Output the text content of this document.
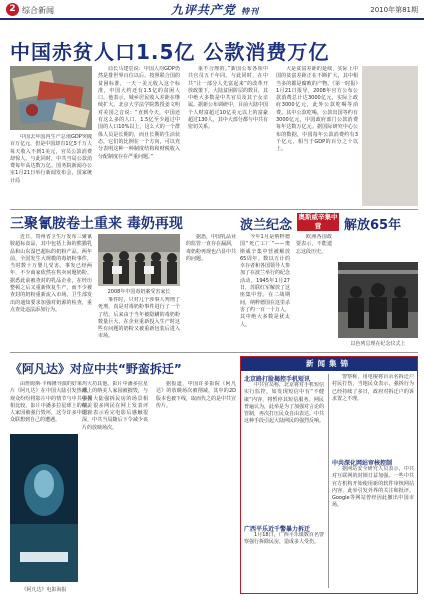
2 综合新闻	九评共产党 特刊	2010年第81期
中国赤贫人口1.5亿 公款消费万亿
中国去年国内生产总值GDP突破百万亿元，但是中国却有1亿5千万人每天收入不到1美元，官员公款消费却惊人。与此同时，中共当局公款消费每年高达数万亿。国务院新闻办公室1月21日举行新闻发布会，国家统计局
局长马建堂说：中国人均GDP仍然是排世界百位以后，按照联合国的贫困标准，一天一美元收入这个标准，中国大约还有1.5亿的贫困人口，他表示，城乡居民收入差距在继续扩大。北京大学法学院教授姜文明对美国之音说：“直到今天，中国还有这么多的人口，1.5亿至少超过中国的人口10%以上，这么大的一个群体人员是长期的，而且长期的生活状态，它们的比例在一个方向，可以充分表明这种一种制度结构和财税收入分配制度存在严重问题。”
重不合理的。”新国公布各项中共官员五千年同。与此同时，在中共“让一部分人先富起来”的改革开放政策下，大陆贫困阶层的数目，其中绝大多数是中共官员及其子女亲属。据新公布调研中，目前大陆中国个人财富超过10亿美元以上的富豪超过130人，其中大部分都与中共有密切关系。
大是贫富差距的延续，实际上中国的贫富差距正在不断扩大，其中相当多的都是腐败的产物。《第一时报》1月21日报导，2008年官方公布公款消费总计达3000亿元，实际上政府3000亿元，此外公款吃喝等消费。其中公款吃喝，公款出国等约有3000亿元，中国政府部门公款消费每年达数万亿元。据国际研究中心公布的数据，中国每年公款消费约有3千亿元，相当于GDP的百分之十以上。
三聚氰胺卷土重来 毒奶再现
近日，贵州省卫生厅发布三聚氰胺超标食品，其中包括上海的熊猫乳品和山东湿巴超标的奶粉产品。两年前，全国发生大规模的毒奶粉事件，当时数十万婴儿受害。事发已经两年，不少商家依然在售卖问题奶粉。据悉此前被查封的乳品企业，在经历整顿之后又重新恢复生产，而不少被查封的奶粉重新流入市场。卫生部发出的通知要求加强对奶源的检查，重点查处违法添加行为。
2008年中国毒奶案受害家长
事件时，只对几个涉事人判刑了死刑，真是对毒奶粉事件进行了一个了结。后来由于当年被隐瞒的毒奶粉数量巨大，在企业重新投入生产时这些有问题的奶粉又被重新包装后进入市场。
据悉，中国乳品业的监管一直存在漏洞，毒奶粉再现也凸显中共的问题。
波兰纪念
奥斯威辛集中营	解放65年
今年1月是纳粹德国“死亡工厂”——奥斯威辛集中营被解放65周年。数以万计的幸存者和各国领导人参加了在波兰举行的纪念活动。1945年1月27日，苏联红军解放了这座集中营。在二战期间，纳粹德国在这里杀害了约一百一十万人，其中绝大多数是犹太人。
欧洲各国政要表示，不能遗忘这段历史。
以色列总理在纪念仪式上
《阿凡达》对应中共“野蛮拆迁”
由詹姆斯·卡梅隆导演的好莱坞大片《阿凡达》在中国大陆引发热潮，观众纷纷将影片中的情节与中共强拆相比较。影片中潘多拉星球上的纳美人家园被强行毁坏，这令许多中国观众联想到自己的遭遇。
《阿凡达》电影海报
功其他。影片中潘多拉星球上的纳美人家园被摧毁，与中国大陆强拆民房的场景相似。很多网民在网上发表评论，表示看完电影后感触很深，中共当局随后下令减少该片的放映场次。
据报道，中国许多影院《阿凡达》的放映场次被削减，其中的2D版本也被下线，取而代之的是中共宣传片。
新闻集锦
北京路打脸揭控手机短讯
中共官员称，北京将对手机短信实行监控，如发现短信中有“不健康”内容，将暂停其短信服务。网民普遍认为，此举是为了加强对言论的管制，再次打压民众自由表达。中共这种手段引起大陆网民的强烈反响。
广西平乐近千警暴力拆迁
1月18日，广西平乐镇数百名警察强行拆除民房，造成多人受伤。
警察称，用电棍将百余名拆迁户村民打伤，当地民众表示，强拆行为已经持续了多日，政府对拆迁户的诉求置之不理。
中共深化网站审核控制
据网站安全研究人员表示，中共对互联网的封锁日益加强。一些中共官方机构开始使用新的软件审核网站内容，此举引发外界的关注和批评。Google等网站曾经因此撤出中国市场。
